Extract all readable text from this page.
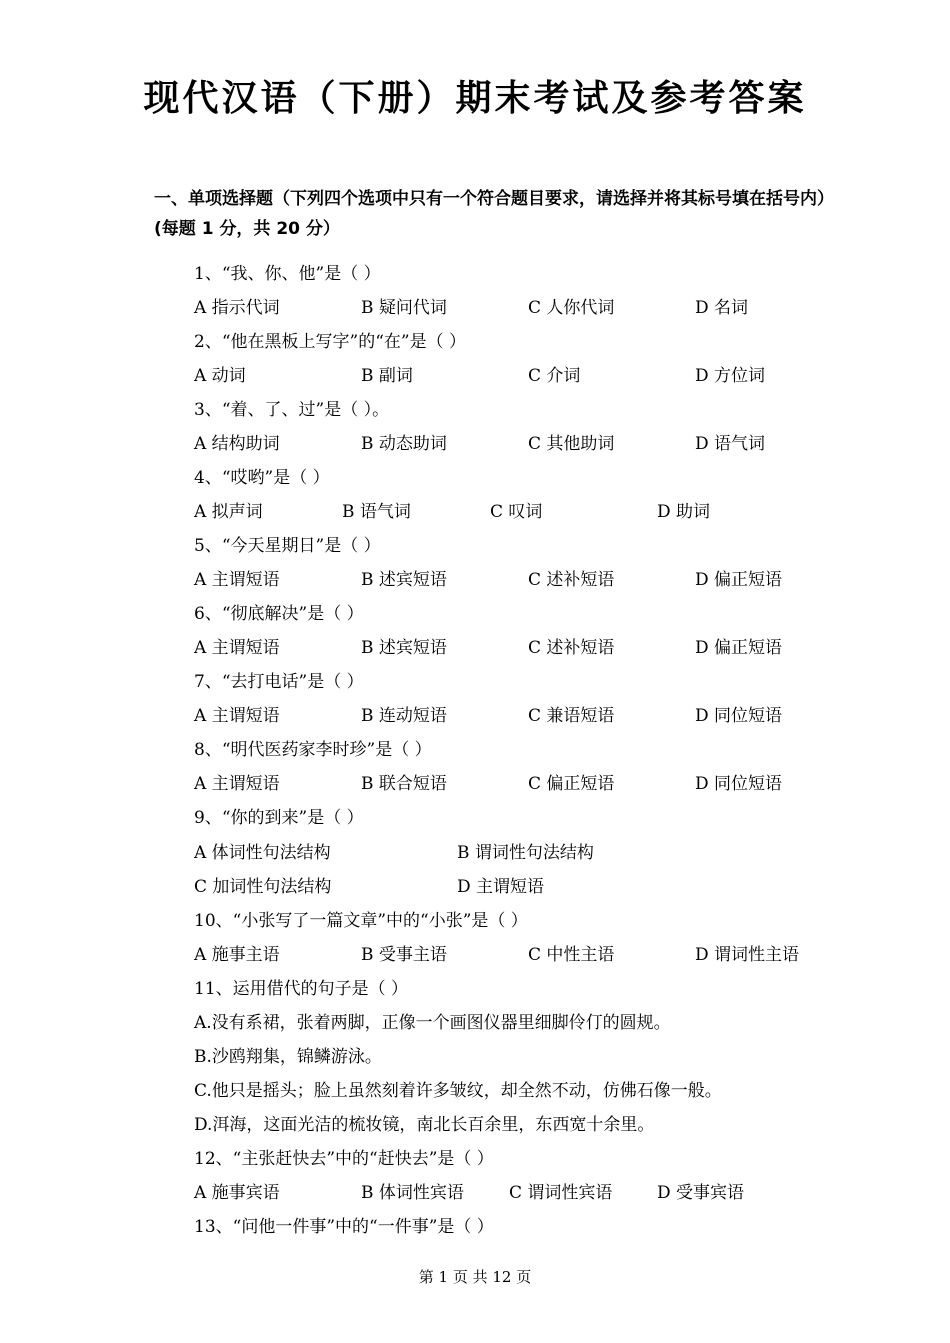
现代汉语（下册）期末考试及参考答案
一、单项选择题（下列四个选项中只有一个符合题目要求，请选择并将其标号填在括号内）(每题 1 分，共 20 分）
1、“我、你、他”是（ ）
A 指示代词	B 疑问代词	C 人你代词	D 名词
2、“他在黑板上写字”的“在”是（ ）
A 动词	B 副词	C 介词	D 方位词
3、“着、了、过”是（ ）。
A 结构助词	B 动态助词	C 其他助词	D 语气词
4、“哎哟”是（ ）
A 拟声词	B 语气词	C 叹词	D 助词
5、“今天星期日”是（ ）
A 主谓短语	B 述宾短语	C 述补短语	D 偏正短语
6、“彻底解决”是（ ）
A 主谓短语	B 述宾短语	C 述补短语	D 偏正短语
7、“去打电话”是（ ）
A 主谓短语	B 连动短语	C 兼语短语	D 同位短语
8、“明代医药家李时珍”是（ ）
A 主谓短语	B 联合短语	C 偏正短语	D 同位短语
9、“你的到来”是（ ）
A 体词性句法结构	B 谓词性句法结构
C 加词性句法结构	D 主谓短语
10、“小张写了一篇文章”中的“小张”是（ ）
A 施事主语	B 受事主语	C 中性主语	D 谓词性主语
11、运用借代的句子是（ ）
A.没有系裙，张着两脚，正像一个画图仪器里细脚伶仃的圆规。
B.沙鸥翔集，锦鳞游泳。
C.他只是摇头；脸上虽然刻着许多皱纹，却全然不动，仿佛石像一般。
D.洱海，这面光洁的梳妆镜，南北长百余里，东西宽十余里。
12、“主张赶快去”中的“赶快去”是（ ）
A 施事宾语	B 体词性宾语	C 谓词性宾语	D 受事宾语
13、“问他一件事”中的“一件事”是（ ）
第 1 页 共 12 页
